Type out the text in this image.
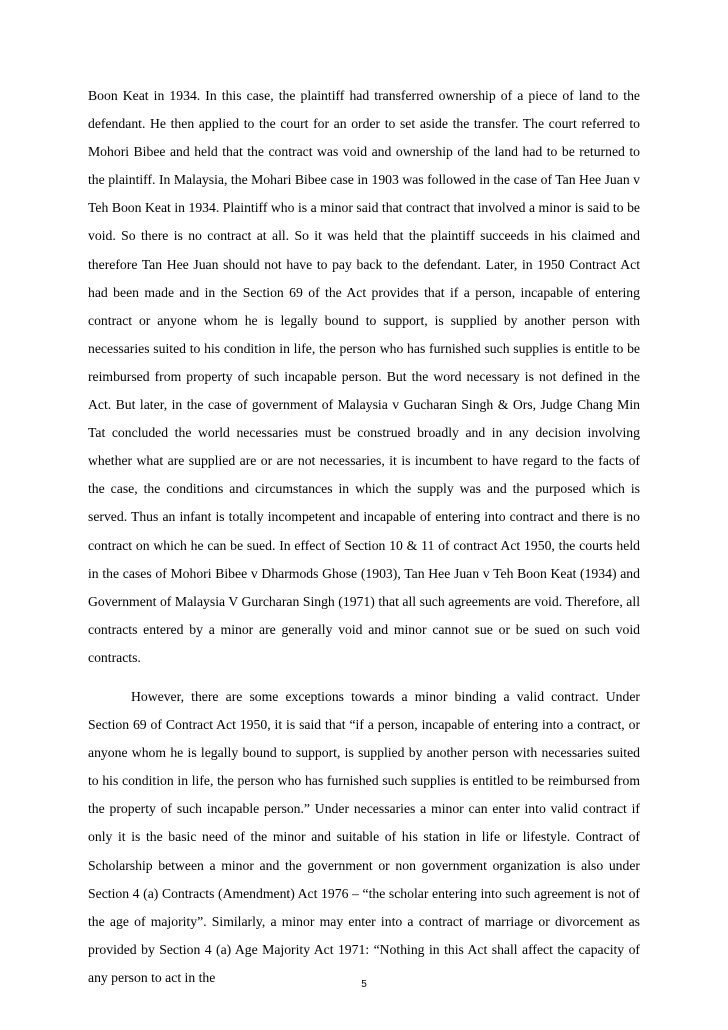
Boon Keat in 1934. In this case, the plaintiff had transferred ownership of a piece of land to the defendant. He then applied to the court for an order to set aside the transfer. The court referred to Mohori Bibee and held that the contract was void and ownership of the land had to be returned to the plaintiff. In Malaysia, the Mohari Bibee case in 1903 was followed in the case of Tan Hee Juan v Teh Boon Keat in 1934. Plaintiff who is a minor said that contract that involved a minor is said to be void. So there is no contract at all. So it was held that the plaintiff succeeds in his claimed and therefore Tan Hee Juan should not have to pay back to the defendant. Later, in 1950 Contract Act had been made and in the Section 69 of the Act provides that if a person, incapable of entering contract or anyone whom he is legally bound to support, is supplied by another person with necessaries suited to his condition in life, the person who has furnished such supplies is entitle to be reimbursed from property of such incapable person. But the word necessary is not defined in the Act. But later, in the case of government of Malaysia v Gucharan Singh & Ors, Judge Chang Min Tat concluded the world necessaries must be construed broadly and in any decision involving whether what are supplied are or are not necessaries, it is incumbent to have regard to the facts of the case, the conditions and circumstances in which the supply was and the purposed which is served. Thus an infant is totally incompetent and incapable of entering into contract and there is no contract on which he can be sued. In effect of Section 10 & 11 of contract Act 1950, the courts held in the cases of Mohori Bibee v Dharmods Ghose (1903), Tan Hee Juan v Teh Boon Keat (1934) and Government of Malaysia V Gurcharan Singh (1971) that all such agreements are void. Therefore, all contracts entered by a minor are generally void and minor cannot sue or be sued on such void contracts.

However, there are some exceptions towards a minor binding a valid contract. Under Section 69 of Contract Act 1950, it is said that “if a person, incapable of entering into a contract, or anyone whom he is legally bound to support, is supplied by another person with necessaries suited to his condition in life, the person who has furnished such supplies is entitled to be reimbursed from the property of such incapable person.” Under necessaries a minor can enter into valid contract if only it is the basic need of the minor and suitable of his station in life or lifestyle. Contract of Scholarship between a minor and the government or non government organization is also under Section 4 (a) Contracts (Amendment) Act 1976 – “the scholar entering into such agreement is not of the age of majority”. Similarly, a minor may enter into a contract of marriage or divorcement as provided by Section 4 (a) Age Majority Act 1971: “Nothing in this Act shall affect the capacity of any person to act in the	5
